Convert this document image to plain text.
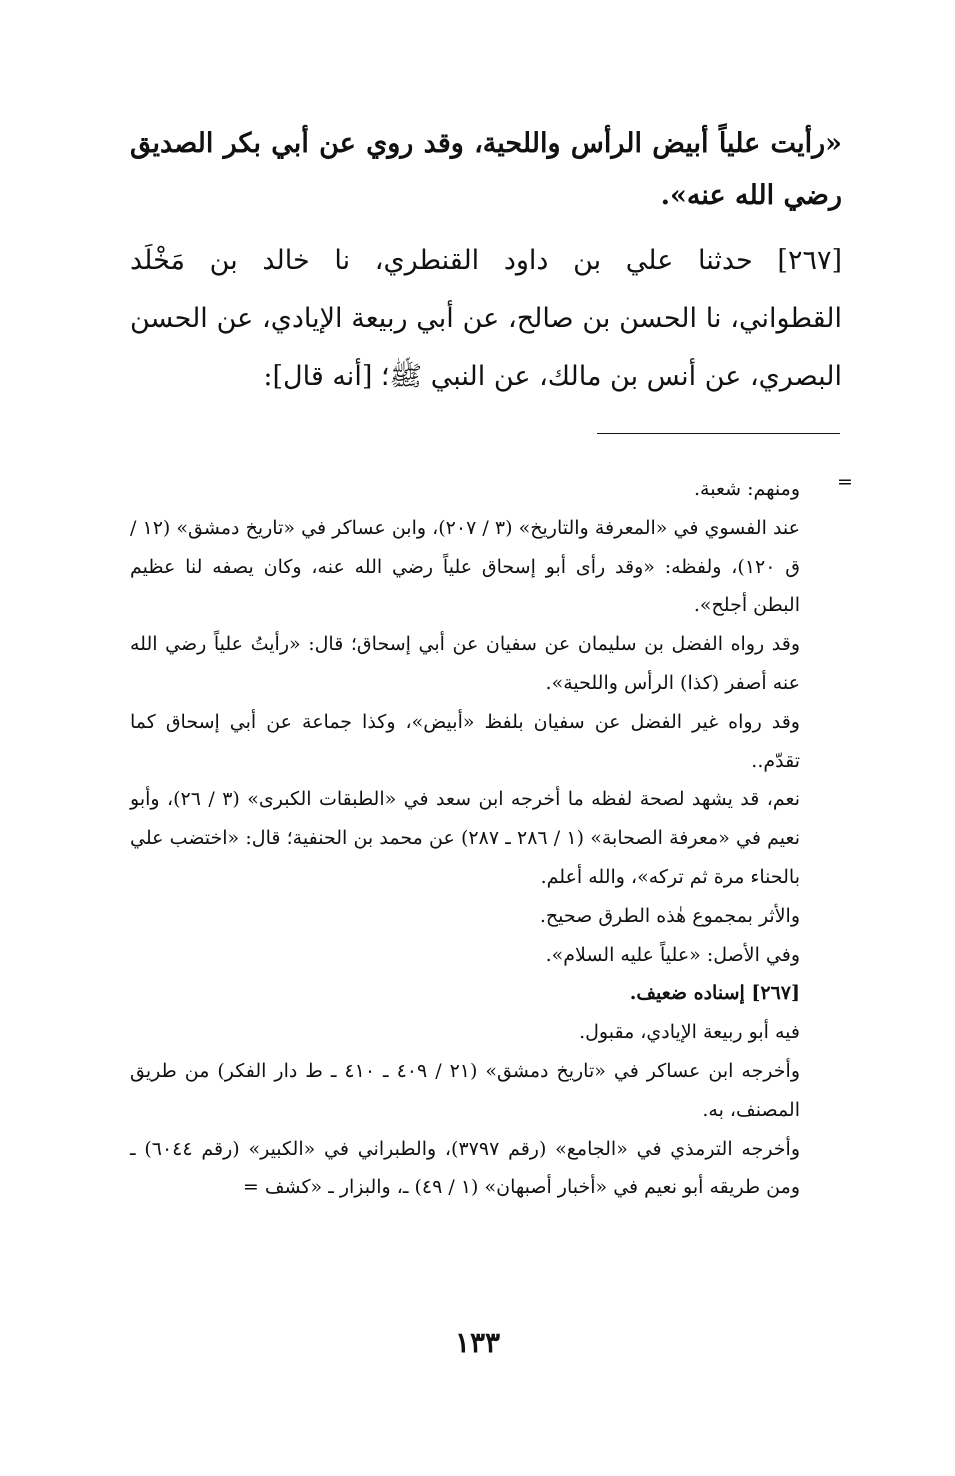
«رأيت علياً أبيض الرأس واللحية، وقد روي عن أبي بكر الصديق رضي الله عنه».
[٢٦٧] حدثنا علي بن داود القنطري، نا خالد بن مَخْلَد
القطواني، نا الحسن بن صالح، عن أبي ربيعة الإيادي، عن الحسن
البصري، عن أنس بن مالك، عن النبي ﷺ؛ [أنه قال]:
=
ومنهم: شعبة.
عند الفسوي في «المعرفة والتاريخ» (٣ / ٢٠٧)، وابن عساكر في «تاريخ دمشق» (١٢ / ق ١٢٠)، ولفظه: «وقد رأى أبو إسحاق علياً رضي الله عنه، وكان يصفه لنا عظيم البطن أجلح».
وقد رواه الفضل بن سليمان عن سفيان عن أبي إسحاق؛ قال: «رأيتُ علياً رضي الله عنه أصفر (كذا) الرأس واللحية».
وقد رواه غير الفضل عن سفيان بلفظ «أبيض»، وكذا جماعة عن أبي إسحاق كما تقدّم..
نعم، قد يشهد لصحة لفظه ما أخرجه ابن سعد في «الطبقات الكبرى» (٣ / ٢٦)، وأبو نعيم في «معرفة الصحابة» (١ / ٢٨٦ ـ ٢٨٧) عن محمد بن الحنفية؛ قال: «اختضب علي بالحناء مرة ثم تركه»، والله أعلم.
والأثر بمجموع هٰذه الطرق صحيح.
وفي الأصل: «علياً عليه السلام».
[٢٦٧] إسناده ضعيف.
فيه أبو ربيعة الإيادي، مقبول.
وأخرجه ابن عساكر في «تاريخ دمشق» (٢١ / ٤٠٩ ـ ٤١٠ ـ ط دار الفكر) من طريق المصنف، به.
وأخرجه الترمذي في «الجامع» (رقم ٣٧٩٧)، والطبراني في «الكبير» (رقم ٦٠٤٤) ـ ومن طريقه أبو نعيم في «أخبار أصبهان» (١ / ٤٩) ـ، والبزار ـ «كشف =
١٣٣
